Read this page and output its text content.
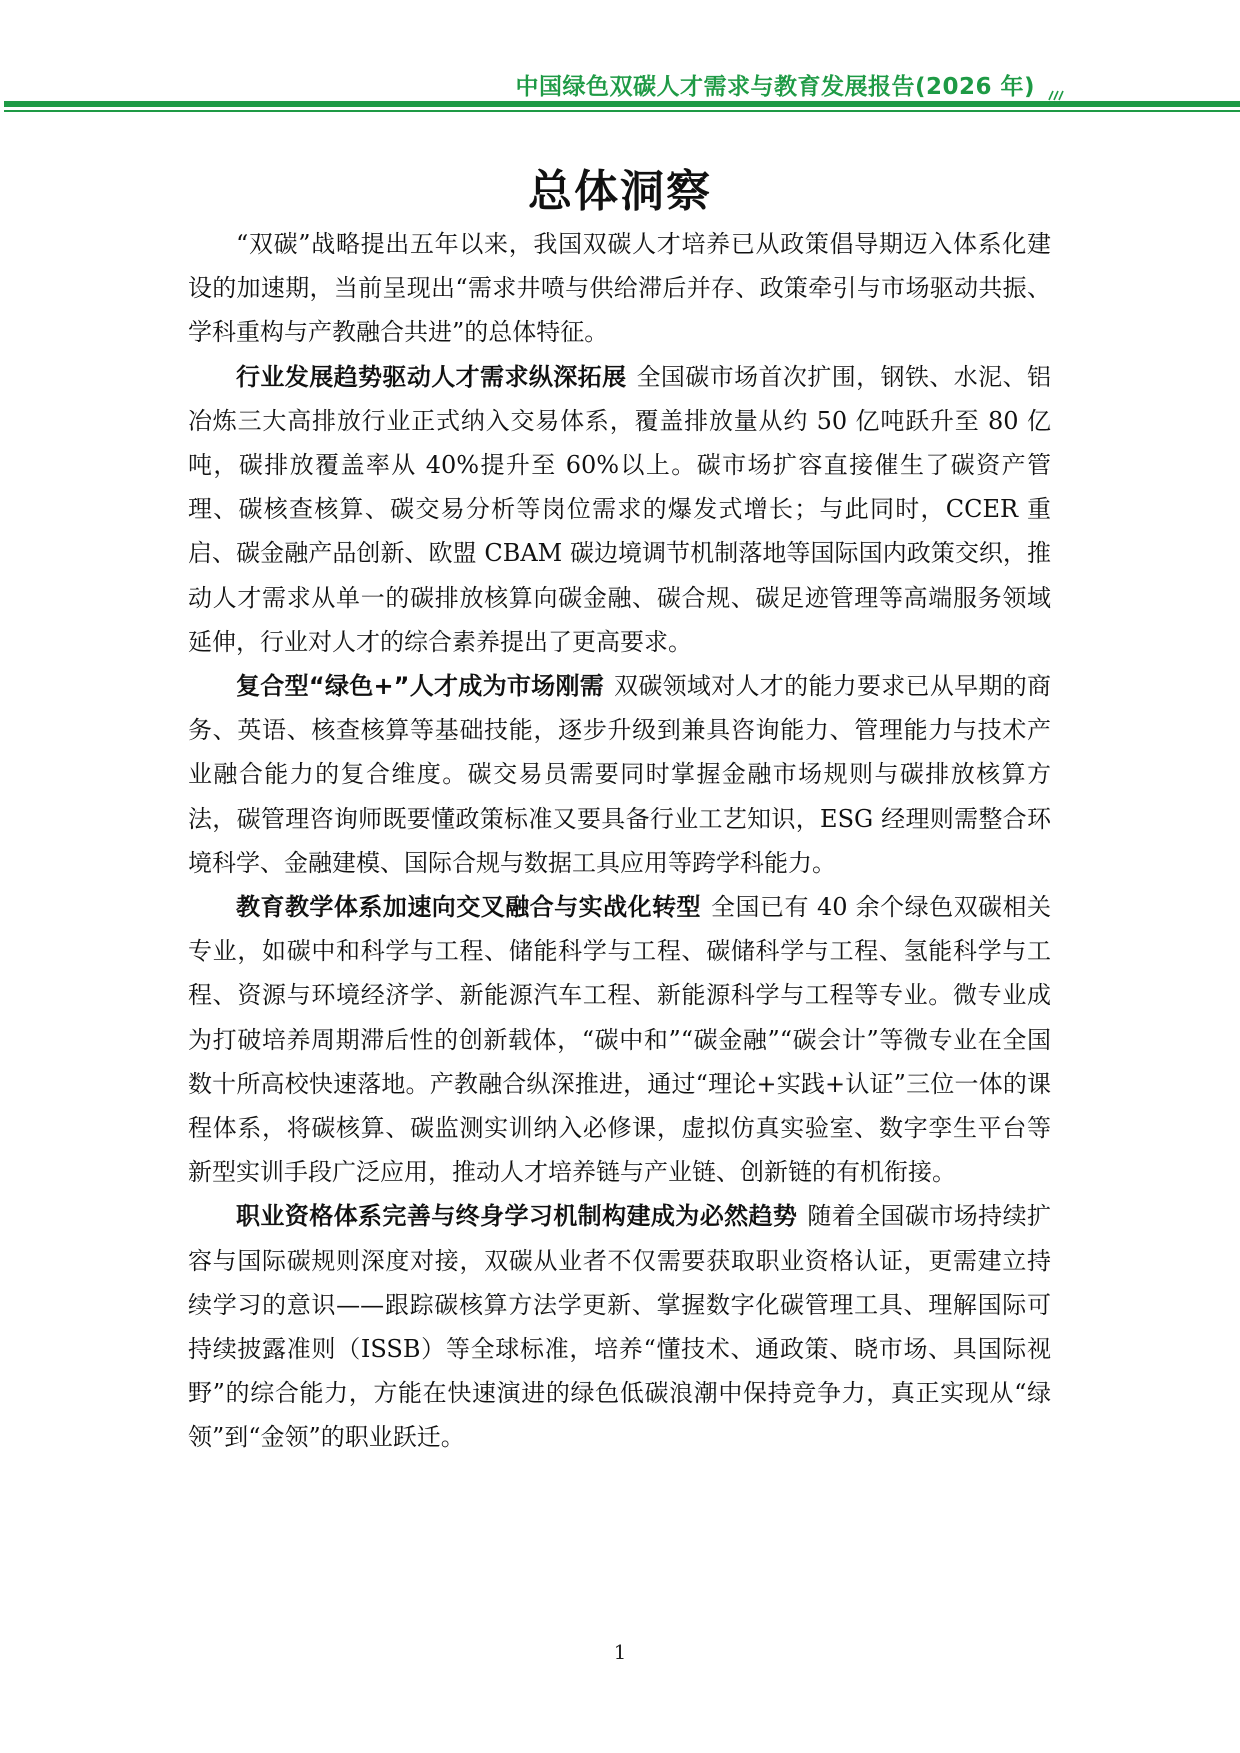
中国绿色双碳人才需求与教育发展报告(2026 年)
总体洞察

“双碳”战略提出五年以来，我国双碳人才培养已从政策倡导期迈入体系化建设的加速期，当前呈现出“需求井喷与供给滞后并存、政策牵引与市场驱动共振、学科重构与产教融合共进”的总体特征。

行业发展趋势驱动人才需求纵深拓展 全国碳市场首次扩围，钢铁、水泥、铝冶炼三大高排放行业正式纳入交易体系，覆盖排放量从约 50 亿吨跃升至 80 亿吨，碳排放覆盖率从 40%提升至 60%以上。碳市场扩容直接催生了碳资产管理、碳核查核算、碳交易分析等岗位需求的爆发式增长；与此同时，CCER 重启、碳金融产品创新、欧盟 CBAM 碳边境调节机制落地等国际国内政策交织，推动人才需求从单一的碳排放核算向碳金融、碳合规、碳足迹管理等高端服务领域延伸，行业对人才的综合素养提出了更高要求。

复合型“绿色+”人才成为市场刚需 双碳领域对人才的能力要求已从早期的商务、英语、核查核算等基础技能，逐步升级到兼具咨询能力、管理能力与技术产业融合能力的复合维度。碳交易员需要同时掌握金融市场规则与碳排放核算方法，碳管理咨询师既要懂政策标准又要具备行业工艺知识，ESG 经理则需整合环境科学、金融建模、国际合规与数据工具应用等跨学科能力。

教育教学体系加速向交叉融合与实战化转型 全国已有 40 余个绿色双碳相关专业，如碳中和科学与工程、储能科学与工程、碳储科学与工程、氢能科学与工程、资源与环境经济学、新能源汽车工程、新能源科学与工程等专业。微专业成为打破培养周期滞后性的创新载体，“碳中和”“碳金融”“碳会计”等微专业在全国数十所高校快速落地。产教融合纵深推进，通过“理论+实践+认证”三位一体的课程体系，将碳核算、碳监测实训纳入必修课，虚拟仿真实验室、数字孪生平台等新型实训手段广泛应用，推动人才培养链与产业链、创新链的有机衔接。

职业资格体系完善与终身学习机制构建成为必然趋势 随着全国碳市场持续扩容与国际碳规则深度对接，双碳从业者不仅需要获取职业资格认证，更需建立持续学习的意识——跟踪碳核算方法学更新、掌握数字化碳管理工具、理解国际可持续披露准则（ISSB）等全球标准，培养“懂技术、通政策、晓市场、具国际视野”的综合能力，方能在快速演进的绿色低碳浪潮中保持竞争力，真正实现从“绿领”到“金领”的职业跃迁。

1
